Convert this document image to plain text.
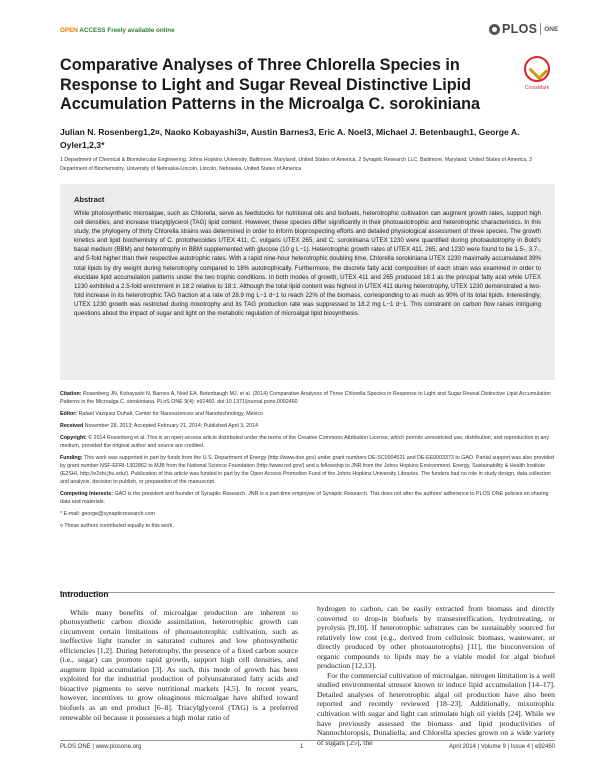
OPEN ACCESS Freely available online	PLOS ONE
Comparative Analyses of Three Chlorella Species in Response to Light and Sugar Reveal Distinctive Lipid Accumulation Patterns in the Microalga C. sorokiniana
CrossMark
Julian N. Rosenberg1,2¤, Naoko Kobayashi3¤, Austin Barnes3, Eric A. Noel3, Michael J. Betenbaugh1, George A. Oyler1,2,3*
1 Department of Chemical & Biomolecular Engineering, Johns Hopkins University, Baltimore, Maryland, United States of America, 2 Synaptic Research LLC, Baltimore, Maryland, United States of America, 3 Department of Biochemistry, University of Nebraska-Lincoln, Lincoln, Nebraska, United States of America
Abstract

While photosynthetic microalgae, such as Chlorella, serve as feedstocks for nutritional oils and biofuels, heterotrophic cultivation can augment growth rates, support high cell densities, and increase triacylglycerol (TAG) lipid content. However, these species differ significantly in their photoautotrophic and heterotrophic characteristics. In this study, the phylogeny of thirty Chlorella strains was determined in order to inform bioprospecting efforts and detailed physiological assessment of three species. The growth kinetics and lipid biochemistry of C. protothecoides UTEX 411, C. vulgaris UTEX 265, and C. sorokiniana UTEX 1230 were quantified during photoautotrophy in Bold's basal medium (BBM) and heterotrophy in BBM supplemented with glucose (10 g L−1). Heterotrophic growth rates of UTEX 411, 265, and 1230 were found to be 1.5-, 3.7-, and 5-fold higher than their respective autotrophic rates. With a rapid nine-hour heterotrophic doubling time, Chlorella sorokiniana UTEX 1230 maximally accumulated 39% total lipids by dry weight during heterotrophy compared to 18% autotrophically. Furthermore, the discrete fatty acid composition of each strain was examined in order to elucidate lipid accumulation patterns under the two trophic conditions. In both modes of growth, UTEX 411 and 265 produced 18:1 as the principal fatty acid while UTEX 1230 exhibited a 2.5-fold enrichment in 18:2 relative to 18:1. Although the total lipid content was highest in UTEX 411 during heterotrophy, UTEX 1230 demonstrated a two-fold increase in its heterotrophic TAG fraction at a rate of 28.9 mg L−1 d−1 to reach 22% of the biomass, corresponding to as much as 90% of its total lipids. Interestingly, UTEX 1230 growth was restricted during mixotrophy and its TAG production rate was suppressed to 18.2 mg L−1 d−1. This constraint on carbon flow raises intriguing questions about the impact of sugar and light on the metabolic regulation of microalgal lipid biosynthesis.

Citation: Rosenberg JN, Kobayashi N, Barnes A, Noel EA, Betenbaugh MJ, et al. (2014) Comparative Analyses of Three Chlorella Species in Response to Light and Sugar Reveal Distinctive Lipid Accumulation Patterns in the Microalga C. sorokiniana. PLoS ONE 9(4): e92460. doi:10.1371/journal.pone.0092460

Editor: Rafael Vazquez Duhalt, Center for Nanosciences and Nanotechnology, Mexico

Received November 28, 2013; Accepted February 21, 2014; Published April 3, 2014

Copyright: © 2014 Rosenberg et al. This is an open-access article distributed under the terms of the Creative Commons Attribution License, which permits unrestricted use, distribution, and reproduction in any medium, provided the original author and source are credited.

Funding: This work was supported in part by funds from the U.S. Department of Energy (http://www.doe.gov) under grant numbers DE-SC0004521 and DE-EE0003373 to GAO. Partial support was also provided by grant number NSF-EFRI-1302862 to MJB from the National Science Foundation (http://www.nsf.gov/) and a fellowship to JNR from the Johns Hopkins Environment, Energy, Sustainability & Health Institute (E2SHI, http://e2shi.jhu.edu/). Publication of this article was funded in part by the Open Access Promotion Fund of the Johns Hopkins University Libraries. The funders had no role in study design, data collection and analysis, decision to publish, or preparation of the manuscript.

Competing Interests: GAO is the president and founder of Synaptic Research. JNR is a part-time employee of Synaptic Research. This does not alter the authors' adherence to PLOS ONE policies on sharing data and materials.

* E-mail: george@synapticresearch.com

¤ These authors contributed equally to this work.

Introduction

While many benefits of microalgae production are inherent to photosynthetic carbon dioxide assimilation, heterotrophic growth can circumvent certain limitations of photoautotrophic cultivation, such as ineffective light transfer in saturated cultures and low photosynthetic efficiencies [1,2]. During heterotrophy, the presence of a fixed carbon source (i.e., sugar) can promote rapid growth, support high cell densities, and augment lipid accumulation [3]. As such, this mode of growth has been exploited for the industrial production of polyunsaturated fatty acids and bioactive pigments to serve nutritional markets [4,5]. In recent years, however, incentives to grow oleaginous microalgae have shifted toward biofuels as an end product [6–8]. Triacylglycerol (TAG) is a preferred renewable oil because it possesses a high molar ratio of

hydrogen to carbon, can be easily extracted from biomass and directly converted to drop-in biofuels by transesterification, hydrotreating, or pyrolysis [9,10]. If heterotrophic substrates can be sustainably sourced for relatively low cost (e.g., derived from cellulosic biomass, wastewater, or directly produced by other photoautotrophs) [11], the bioconversion of organic compounds to lipids may be a viable model for algal biofuel production [12,13].

For the commercial cultivation of microalgae, nitrogen limitation is a well studied environmental stressor known to induce lipid accumulation [14–17]. Detailed analyses of heterotrophic algal oil production have also been reported and recently reviewed [18–23]. Additionally, mixotrophic cultivation with sugar and light can stimulate high oil yields [24]. While we have previously assessed the biomass and lipid productivities of Nannochloropsis, Dunaliella, and Chlorella species grown on a wide variety of sugars [25], the

PLOS ONE | www.plosone.org	1	April 2014 | Volume 9 | Issue 4 | e92460
